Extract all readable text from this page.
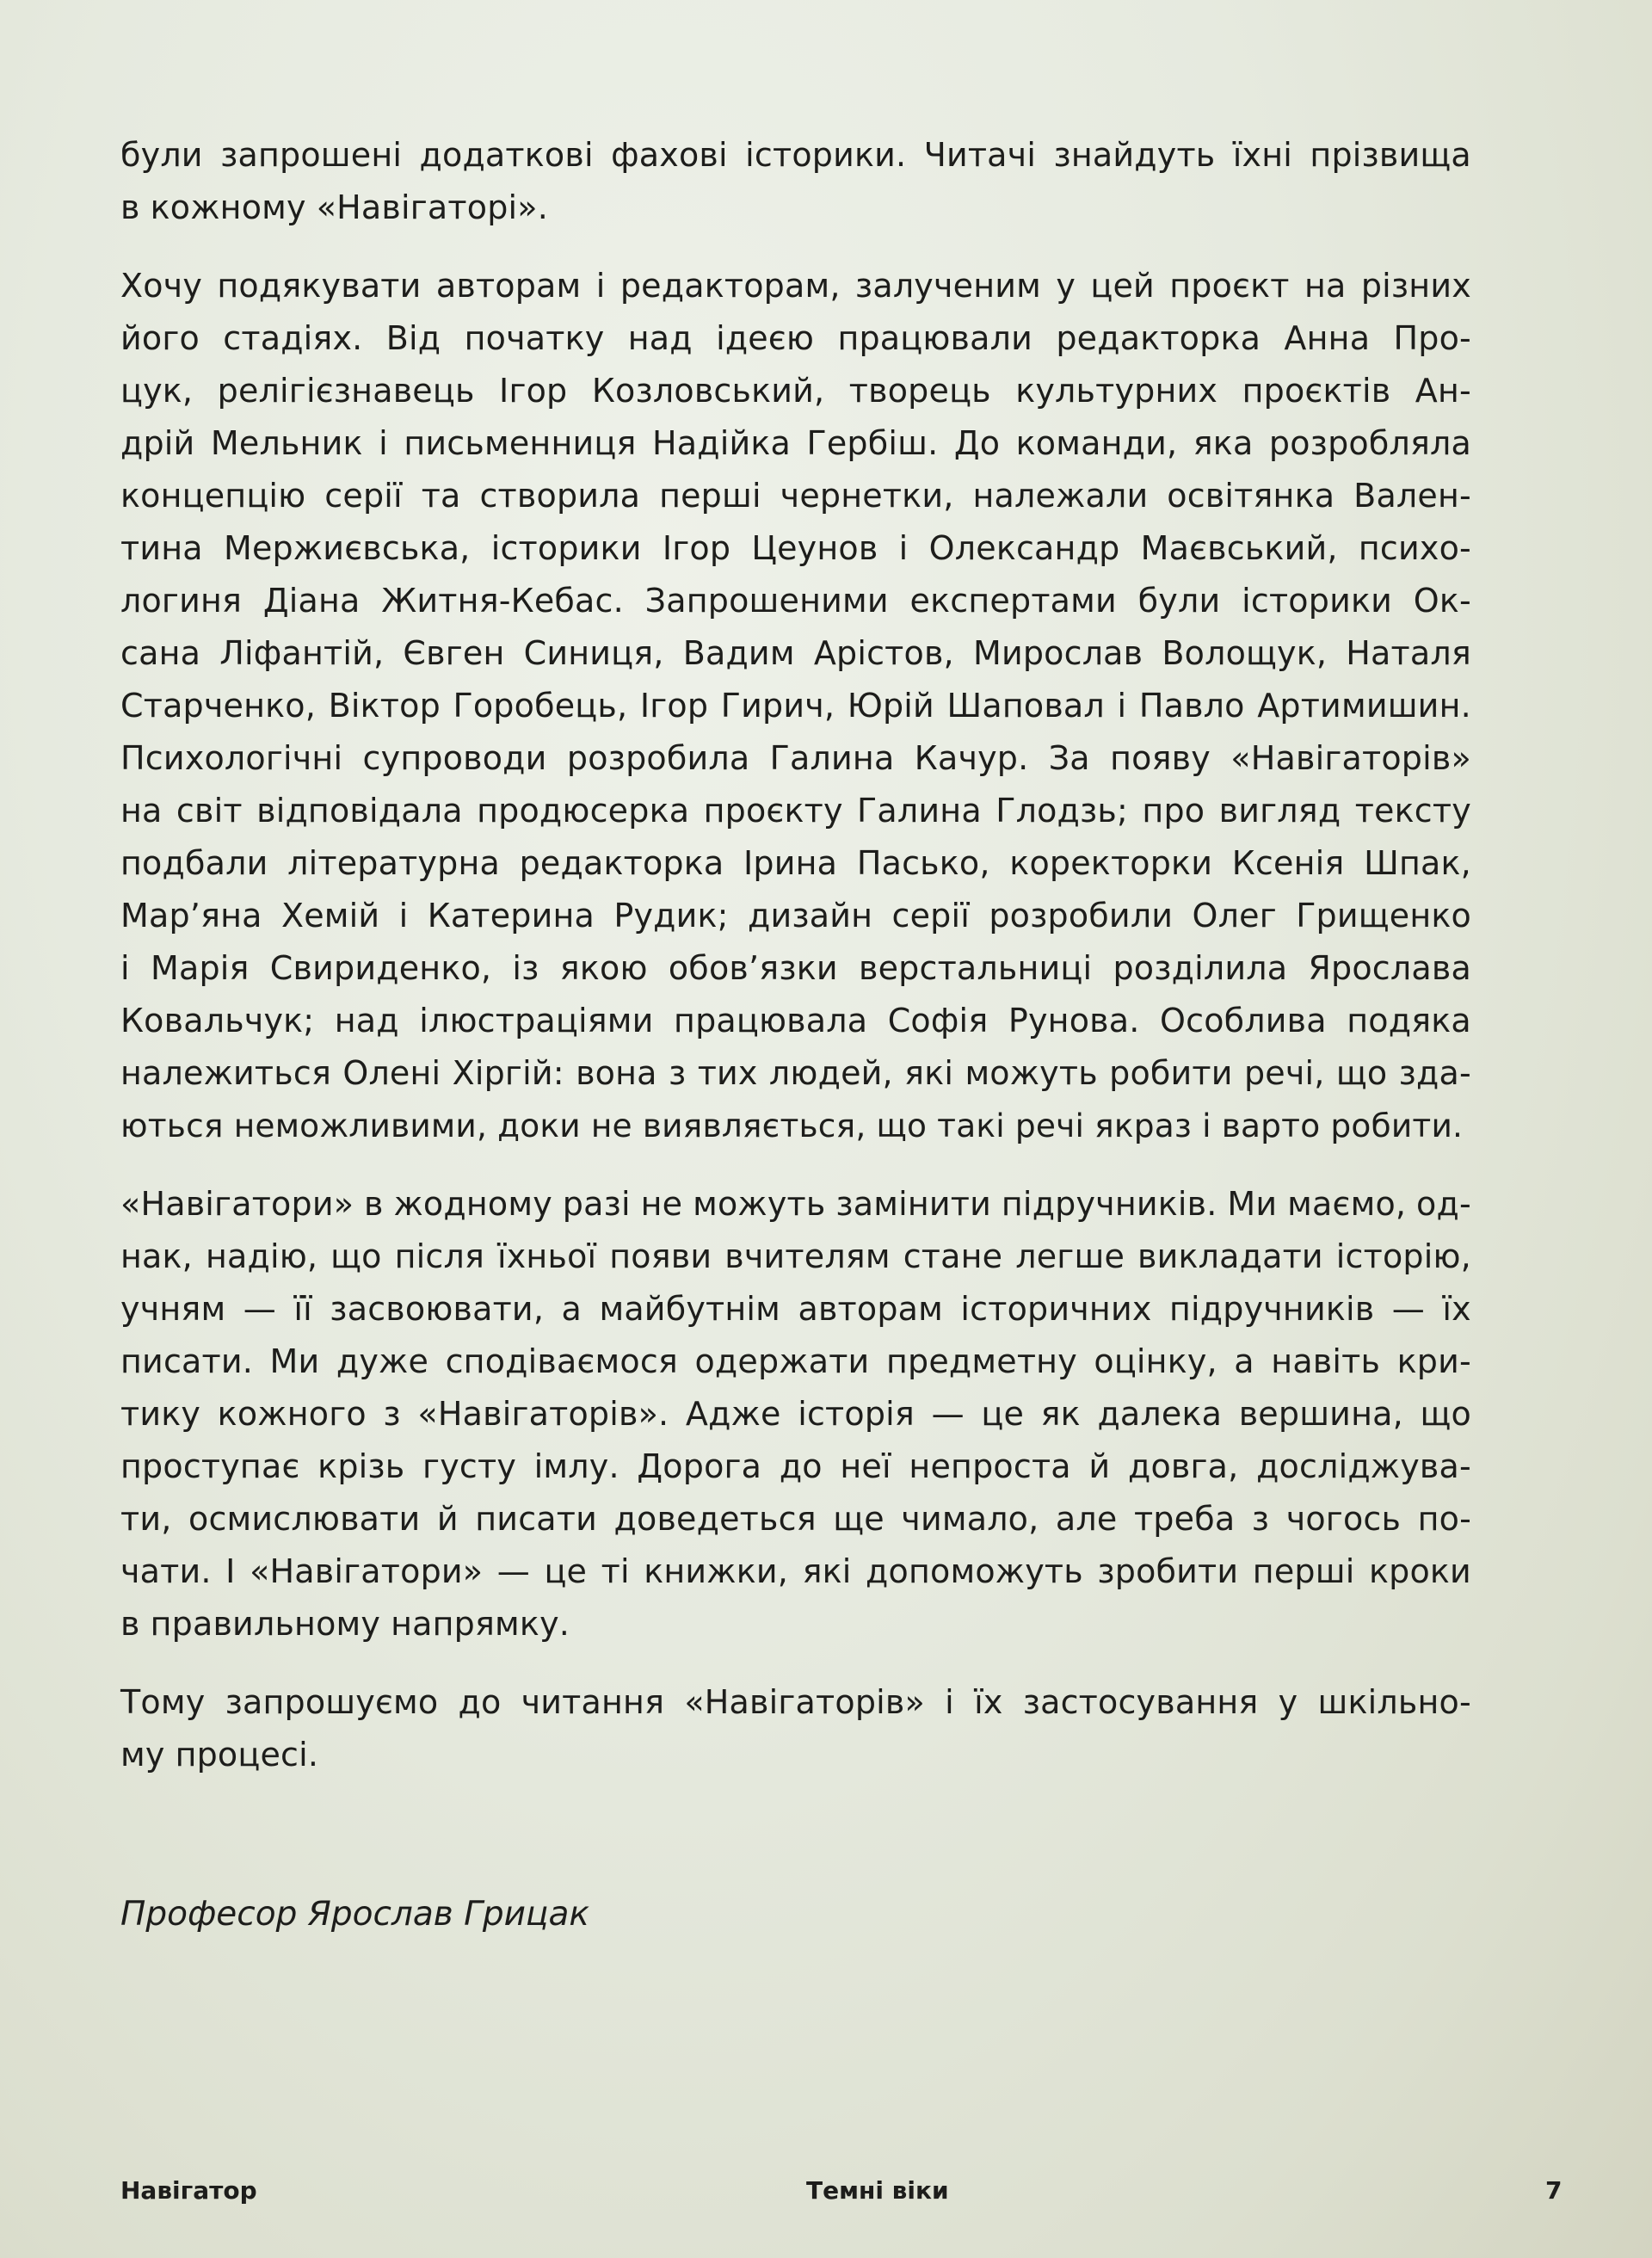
були запрошені додаткові фахові історики. Читачі знайдуть їхні прізвища
в кожному «Навігаторі».
Хочу подякувати авторам і редакторам, залученим у цей проєкт на різних
його стадіях. Від початку над ідеєю працювали редакторка Анна Про-
цук, релігієзнавець Ігор Козловський, творець культурних проєктів Ан-
дрій Мельник і письменниця Надійка Гербіш. До команди, яка розробляла
концепцію серії та створила перші чернетки, належали освітянка Вален-
тина Мержиєвська, історики Ігор Цеунов і Олександр Маєвський, психо-
логиня Діана Житня-Кебас. Запрошеними експертами були історики Ок-
сана Ліфантій, Євген Синиця, Вадим Арістов, Мирослав Волощук, Наталя
Старченко, Віктор Горобець, Ігор Гирич, Юрій Шаповал і Павло Артимишин.
Психологічні супроводи розробила Галина Качур. За появу «Навігаторів»
на світ відповідала продюсерка проєкту Галина Глодзь; про вигляд тексту
подбали літературна редакторка Ірина Пасько, коректорки Ксенія Шпак,
Мар’яна Хемій і Катерина Рудик; дизайн серії розробили Олег Грищенко
і Марія Свириденко, із якою обов’язки верстальниці розділила Ярослава
Ковальчук; над ілюстраціями працювала Софія Рунова. Особлива подяка
належиться Олені Хіргій: вона з тих людей, які можуть робити речі, що зда-
ються неможливими, доки не виявляється, що такі речі якраз і варто робити.
«Навігатори» в жодному разі не можуть замінити підручників. Ми маємо, од-
нак, надію, що після їхньої появи вчителям стане легше викладати історію,
учням — її засвоювати, а майбутнім авторам історичних підручників — їх
писати. Ми дуже сподіваємося одержати предметну оцінку, а навіть кри-
тику кожного з «Навігаторів». Адже історія — це як далека вершина, що
проступає крізь густу імлу. Дорога до неї непроста й довга, досліджува-
ти, осмислювати й писати доведеться ще чимало, але треба з чогось по-
чати. І «Навігатори» — це ті книжки, які допоможуть зробити перші кроки
в правильному напрямку.
Тому запрошуємо до читання «Навігаторів» і їх застосування у шкільно-
му процесі.
Професор Ярослав Грицак
Навігатор	Темні віки	7
